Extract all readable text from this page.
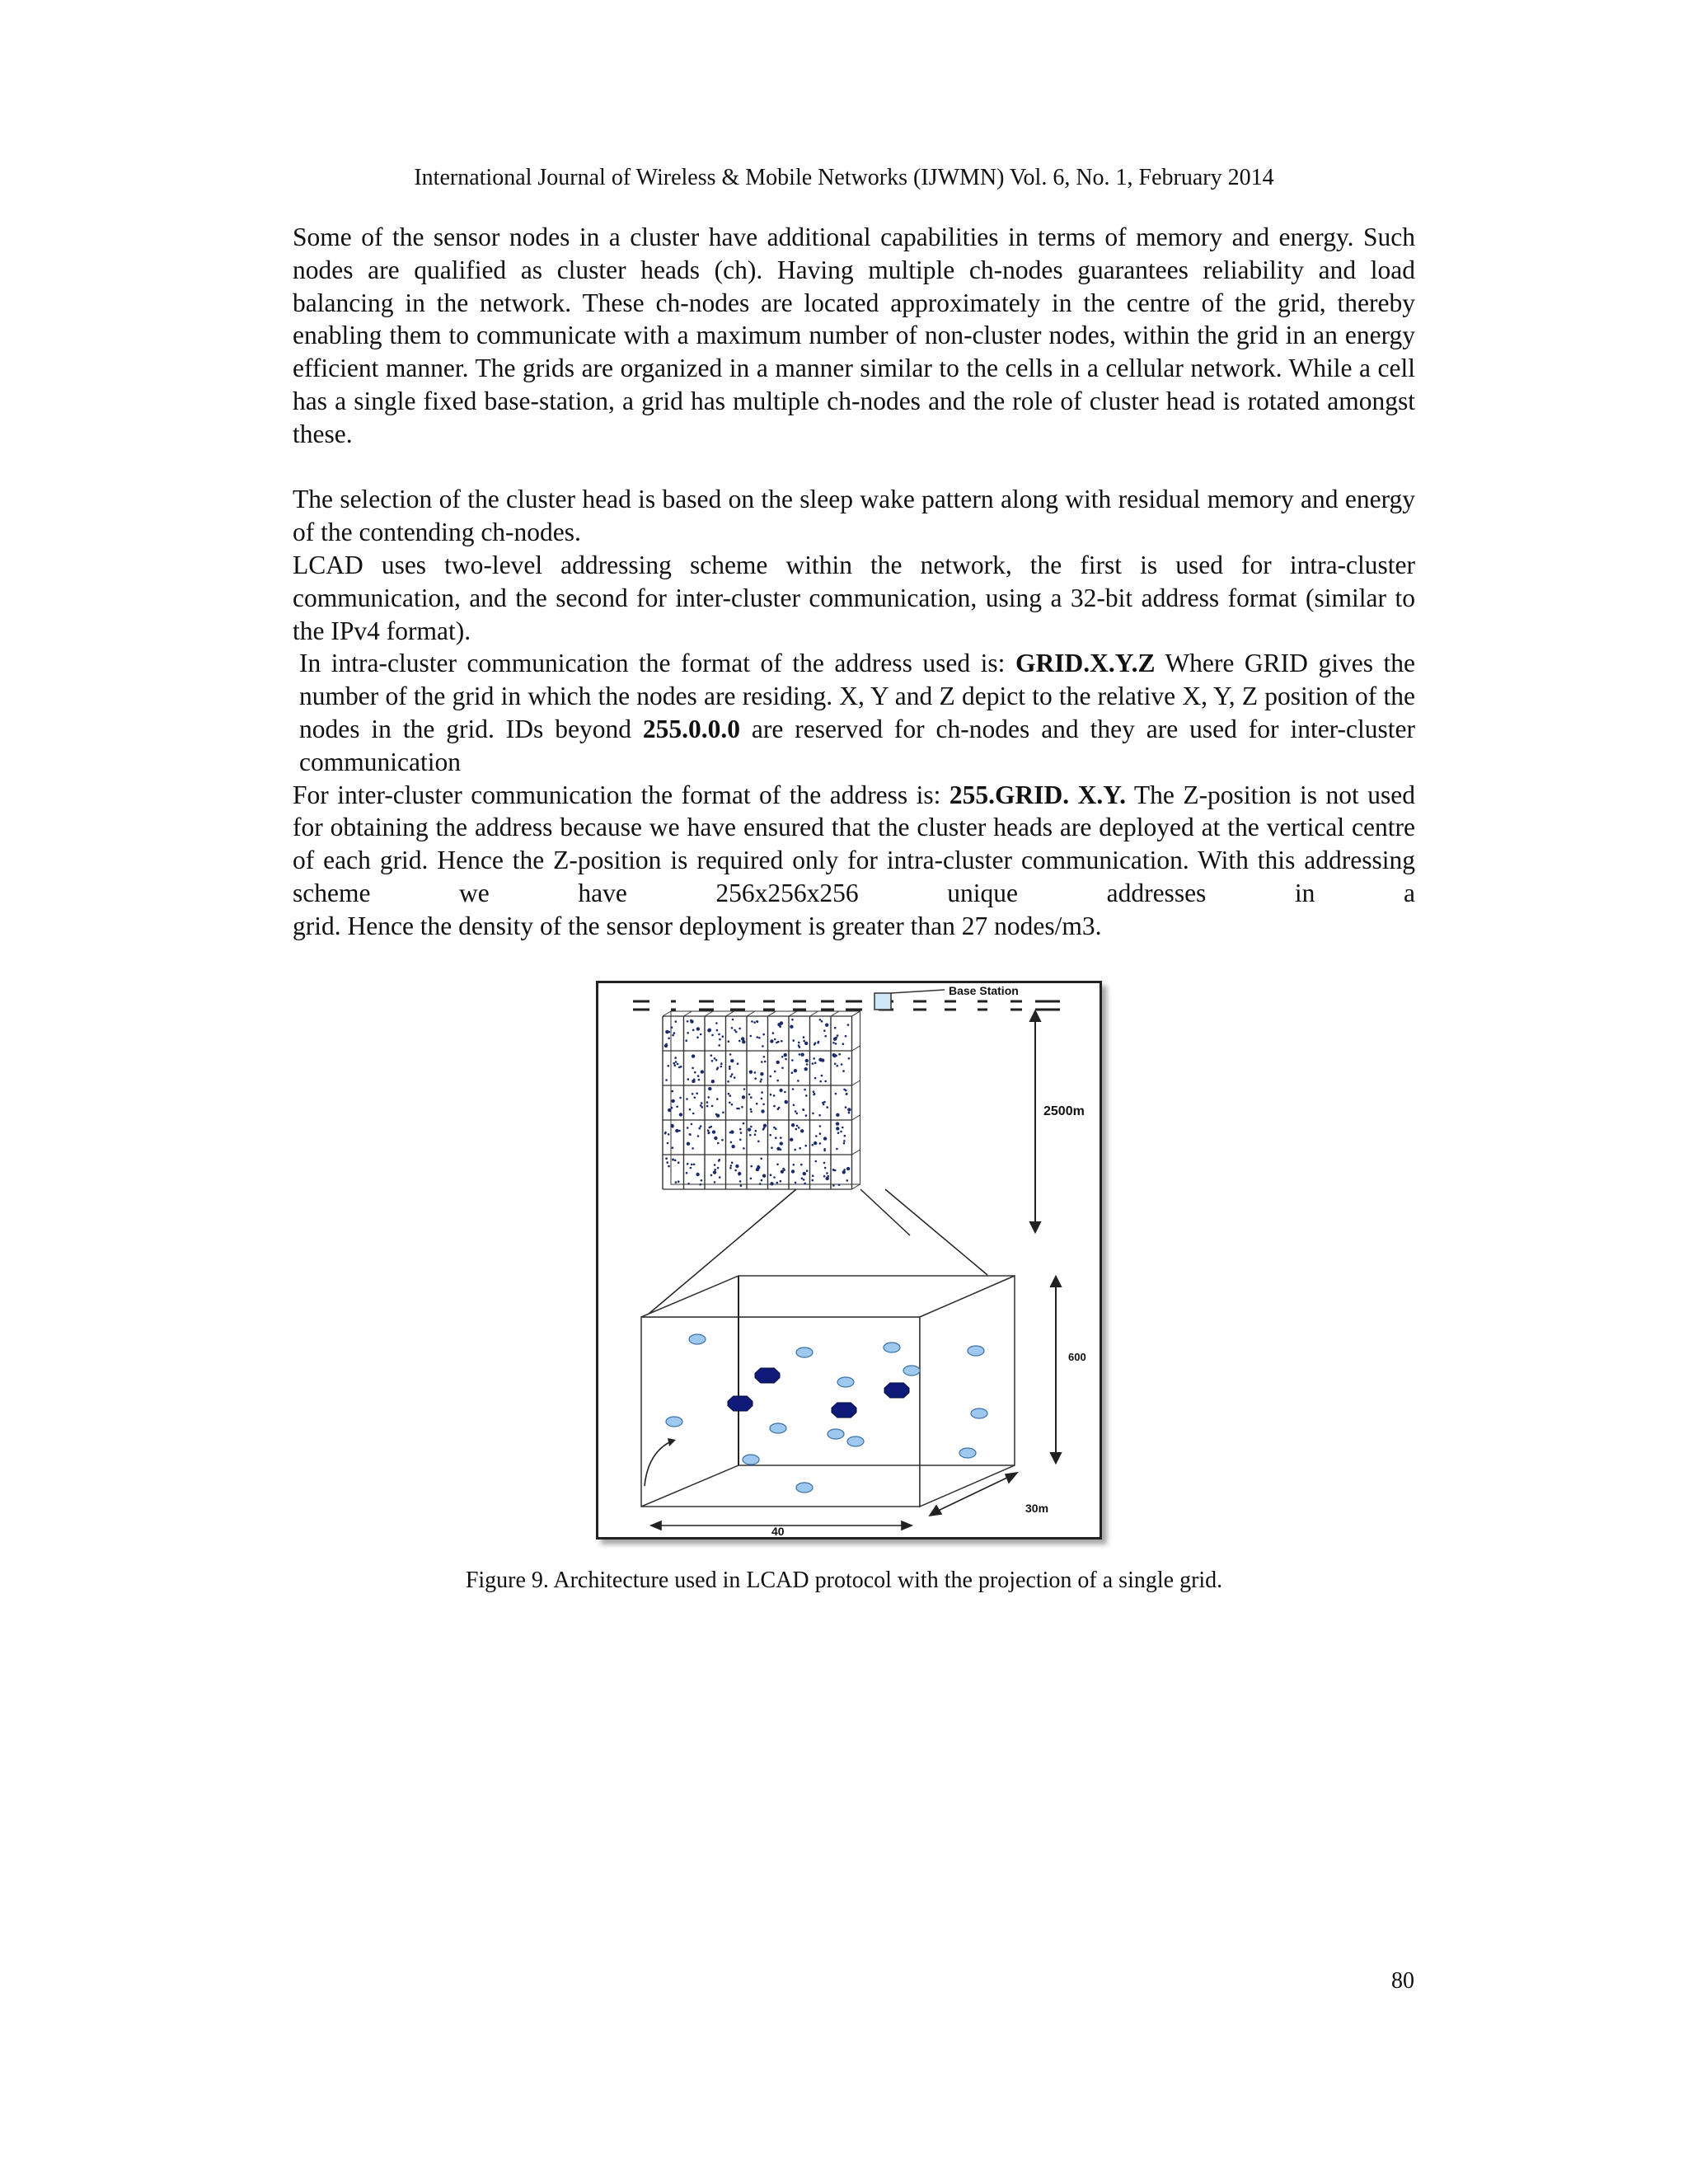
International Journal of Wireless & Mobile Networks (IJWMN) Vol. 6, No. 1, February 2014

Some of the sensor nodes in a cluster have additional capabilities in terms of memory and energy. Such nodes are qualified as cluster heads (ch). Having multiple ch-nodes guarantees reliability and load balancing in the network. These ch-nodes are located approximately in the centre of the grid, thereby enabling them to communicate with a maximum number of non-cluster nodes, within the grid in an energy efficient manner. The grids are organized in a manner similar to the cells in a cellular network. While a cell has a single fixed base-station, a grid has multiple ch-nodes and the role of cluster head is rotated amongst these.

The selection of the cluster head is based on the sleep wake pattern along with residual memory and energy of the contending ch-nodes.

LCAD uses two-level addressing scheme within the network, the first is used for intra-cluster communication, and the second for inter-cluster communication, using a 32-bit address format (similar to the IPv4 format).

In intra-cluster communication the format of the address used is: GRID.X.Y.Z Where GRID gives the number of the grid in which the nodes are residing. X, Y and Z depict to the relative X, Y, Z position of the nodes in the grid. IDs beyond 255.0.0.0 are reserved for ch-nodes and they are used for inter-cluster communication

For inter-cluster communication the format of the address is: 255.GRID. X.Y. The Z-position is not used for obtaining the address because we have ensured that the cluster heads are deployed at the vertical centre of each grid. Hence the Z-position is required only for intra-cluster communication. With this addressing scheme we have 256x256x256 unique addresses in a

grid. Hence the density of the sensor deployment is greater than 27 nodes/m3.

Base Station
2500m
600
30m
40
Figure 9. Architecture used in LCAD protocol with the projection of a single grid.
80
